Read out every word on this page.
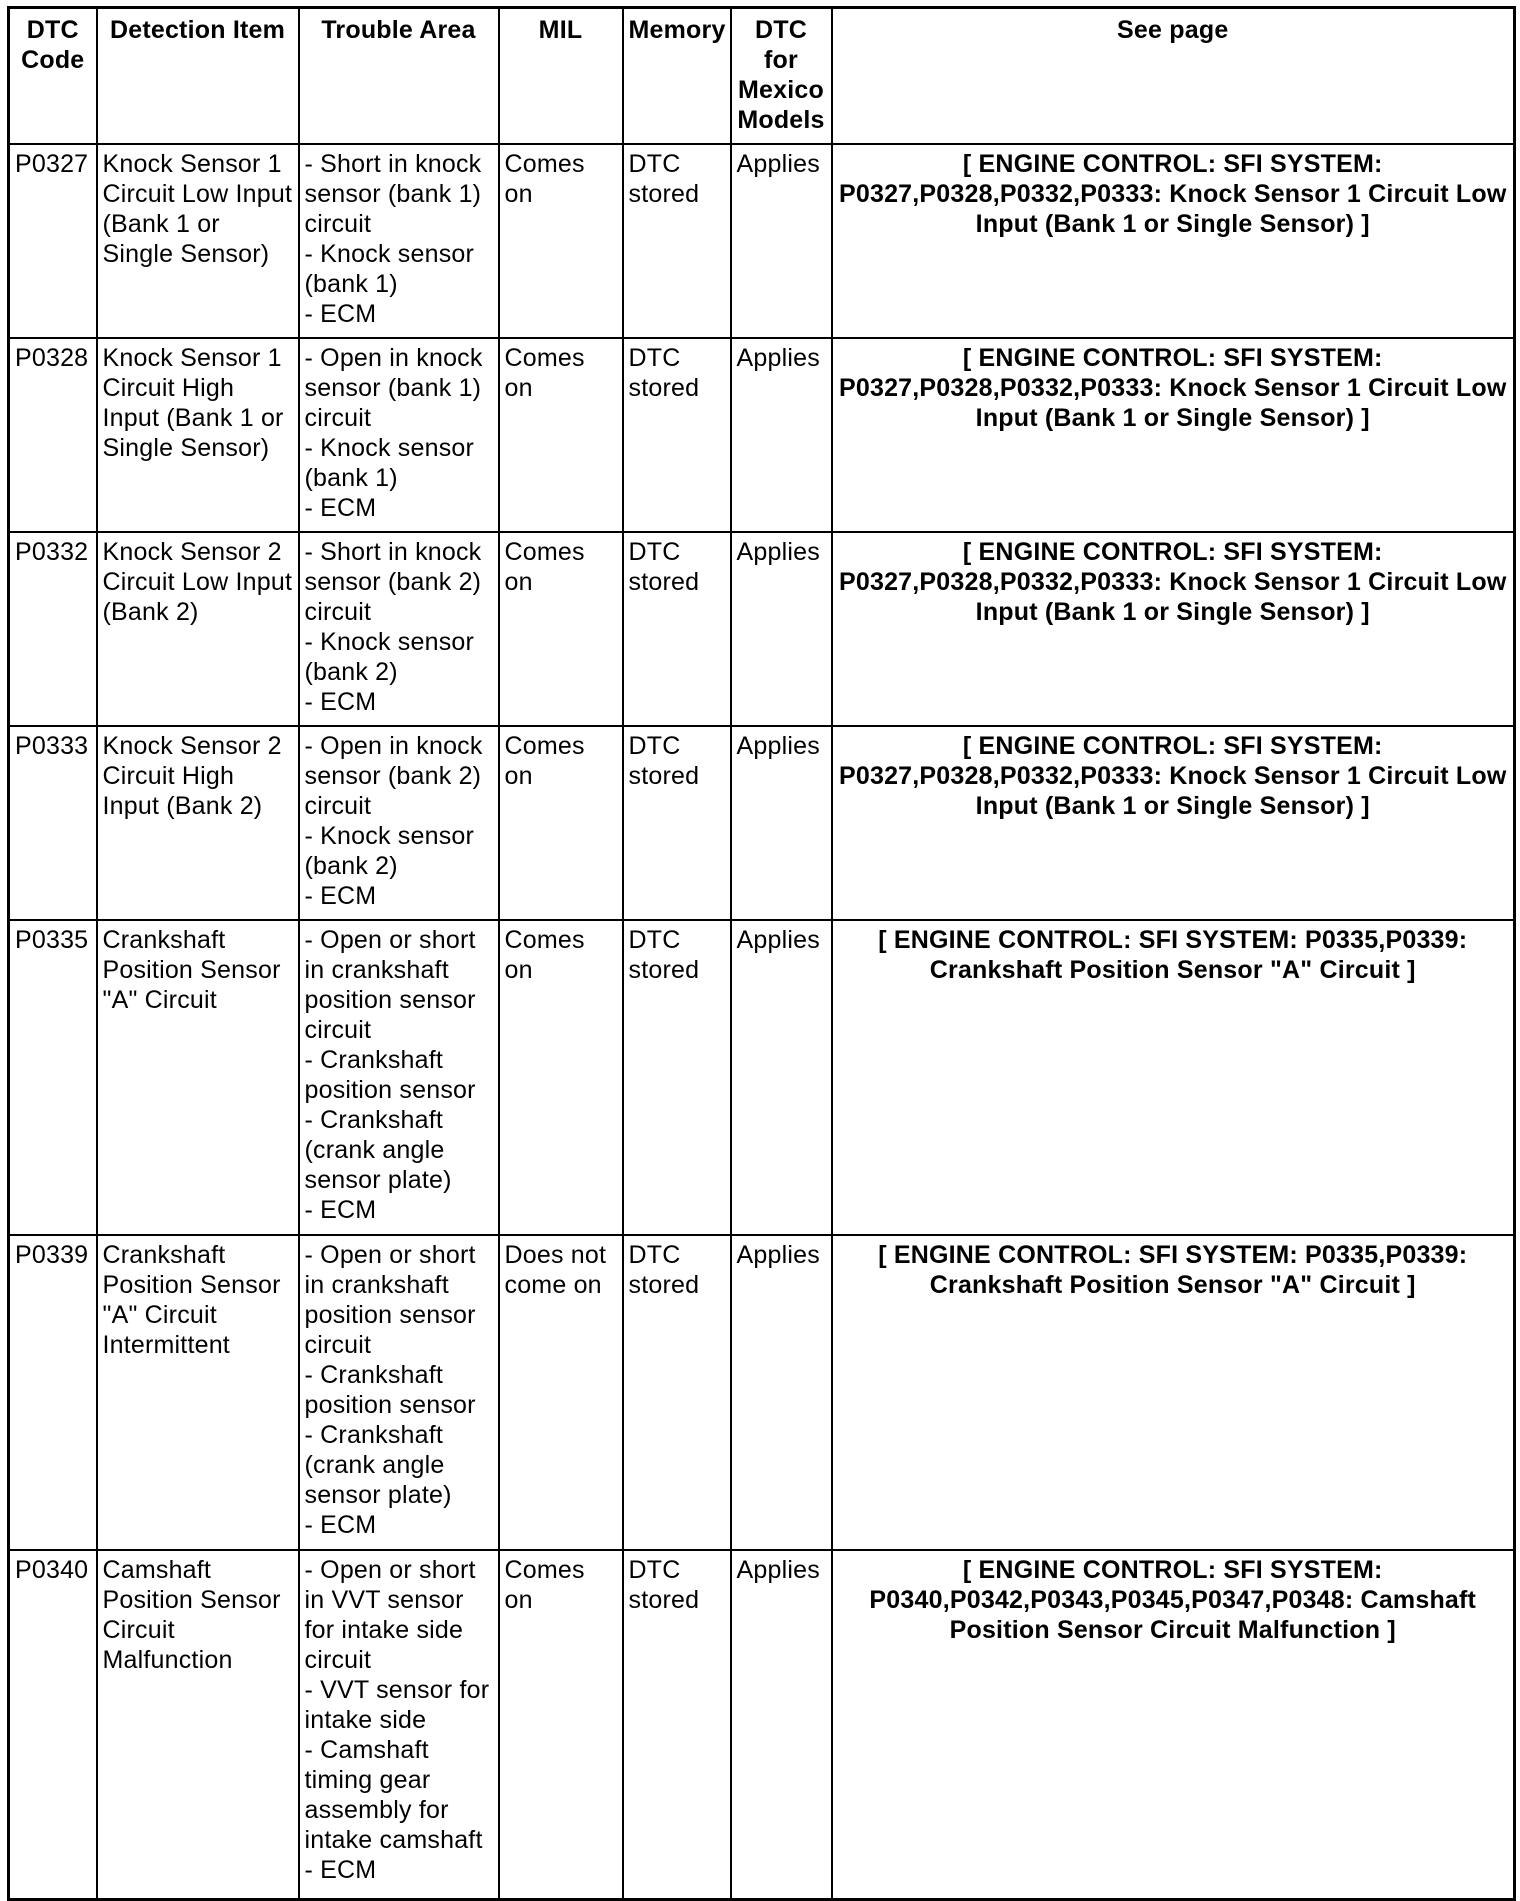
DTC Code	Detection Item	Trouble Area	MIL	Memory	DTC for Mexico Models	See page
P0327	Knock Sensor 1 Circuit Low Input (Bank 1 or Single Sensor)	- Short in knock sensor (bank 1) circuit
- Knock sensor (bank 1)
- ECM	Comes on	DTC stored	Applies	[ ENGINE CONTROL: SFI SYSTEM: P0327,P0328,P0332,P0333: Knock Sensor 1 Circuit Low Input (Bank 1 or Single Sensor) ]
P0328	Knock Sensor 1 Circuit High Input (Bank 1 or Single Sensor)	- Open in knock sensor (bank 1) circuit
- Knock sensor (bank 1)
- ECM	Comes on	DTC stored	Applies	[ ENGINE CONTROL: SFI SYSTEM: P0327,P0328,P0332,P0333: Knock Sensor 1 Circuit Low Input (Bank 1 or Single Sensor) ]
P0332	Knock Sensor 2 Circuit Low Input (Bank 2)	- Short in knock sensor (bank 2) circuit
- Knock sensor (bank 2)
- ECM	Comes on	DTC stored	Applies	[ ENGINE CONTROL: SFI SYSTEM: P0327,P0328,P0332,P0333: Knock Sensor 1 Circuit Low Input (Bank 1 or Single Sensor) ]
P0333	Knock Sensor 2 Circuit High Input (Bank 2)	- Open in knock sensor (bank 2) circuit
- Knock sensor (bank 2)
- ECM	Comes on	DTC stored	Applies	[ ENGINE CONTROL: SFI SYSTEM: P0327,P0328,P0332,P0333: Knock Sensor 1 Circuit Low Input (Bank 1 or Single Sensor) ]
P0335	Crankshaft Position Sensor "A" Circuit	- Open or short in crankshaft position sensor circuit
- Crankshaft position sensor
- Crankshaft (crank angle sensor plate)
- ECM	Comes on	DTC stored	Applies	[ ENGINE CONTROL: SFI SYSTEM: P0335,P0339: Crankshaft Position Sensor "A" Circuit ]
P0339	Crankshaft Position Sensor "A" Circuit Intermittent	- Open or short in crankshaft position sensor circuit
- Crankshaft position sensor
- Crankshaft (crank angle sensor plate)
- ECM	Does not come on	DTC stored	Applies	[ ENGINE CONTROL: SFI SYSTEM: P0335,P0339: Crankshaft Position Sensor "A" Circuit ]
P0340	Camshaft Position Sensor Circuit Malfunction	- Open or short in VVT sensor for intake side circuit
- VVT sensor for intake side
- Camshaft timing gear assembly for intake camshaft
- ECM	Comes on	DTC stored	Applies	[ ENGINE CONTROL: SFI SYSTEM: P0340,P0342,P0343,P0345,P0347,P0348: Camshaft Position Sensor Circuit Malfunction ]
